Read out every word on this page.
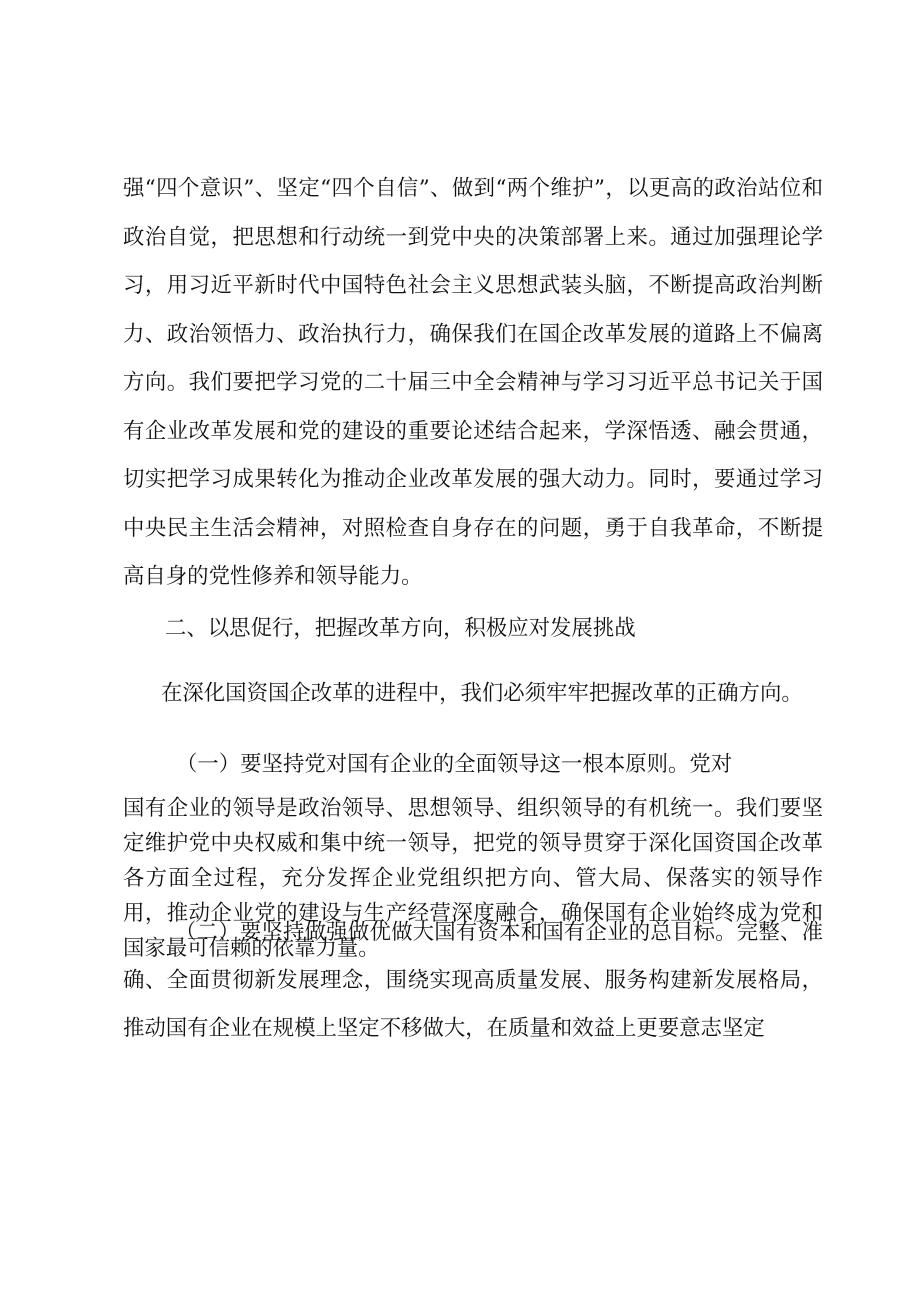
强“四个意识”、坚定“四个自信”、做到“两个维护”，以更高的政治站位和政治自觉，把思想和行动统一到党中央的决策部署上来。通过加强理论学习，用习近平新时代中国特色社会主义思想武装头脑，不断提高政治判断力、政治领悟力、政治执行力，确保我们在国企改革发展的道路上不偏离方向。我们要把学习党的二十届三中全会精神与学习习近平总书记关于国有企业改革发展和党的建设的重要论述结合起来，学深悟透、融会贯通，切实把学习成果转化为推动企业改革发展的强大动力。同时，要通过学习中央民主生活会精神，对照检查自身存在的问题，勇于自我革命，不断提高自身的党性修养和领导能力。

二、以思促行，把握改革方向，积极应对发展挑战

在深化国资国企改革的进程中，我们必须牢牢把握改革的正确方向。

（一）要坚持党对国有企业的全面领导这一根本原则。党对
国有企业的领导是政治领导、思想领导、组织领导的有机统一。我们要坚定维护党中央权威和集中统一领导，把党的领导贯穿于深化国资国企改革各方面全过程，充分发挥企业党组织把方向、管大局、保落实的领导作用，推动企业党的建设与生产经营深度融合，确保国有企业始终成为党和国家最可信赖的依靠力量。

（二）要坚持做强做优做大国有资本和国有企业的总目标。完整、准确、全面贯彻新发展理念，围绕实现高质量发展、服务构建新发展格局，推动国有企业在规模上坚定不移做大，在质量和效益上更要意志坚定
